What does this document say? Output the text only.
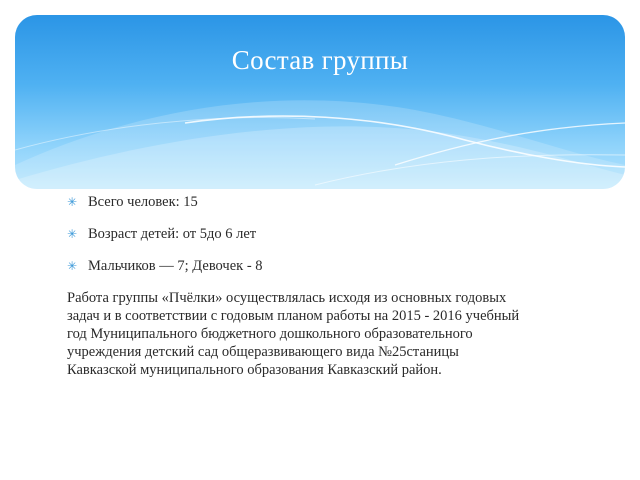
Состав группы
✳ Всего человек: 15
✳ Возраст детей: от 5до 6 лет
✳ Мальчиков — 7; Девочек - 8

Работа группы «Пчёлки» осуществлялась исходя из основных годовых
задач и в соответствии с годовым планом работы на 2015 - 2016 учебный
год Муниципального бюджетного дошкольного образовательного
учреждения детский сад общеразвивающего вида №25станицы
Кавказской муниципального образования Кавказский район.
